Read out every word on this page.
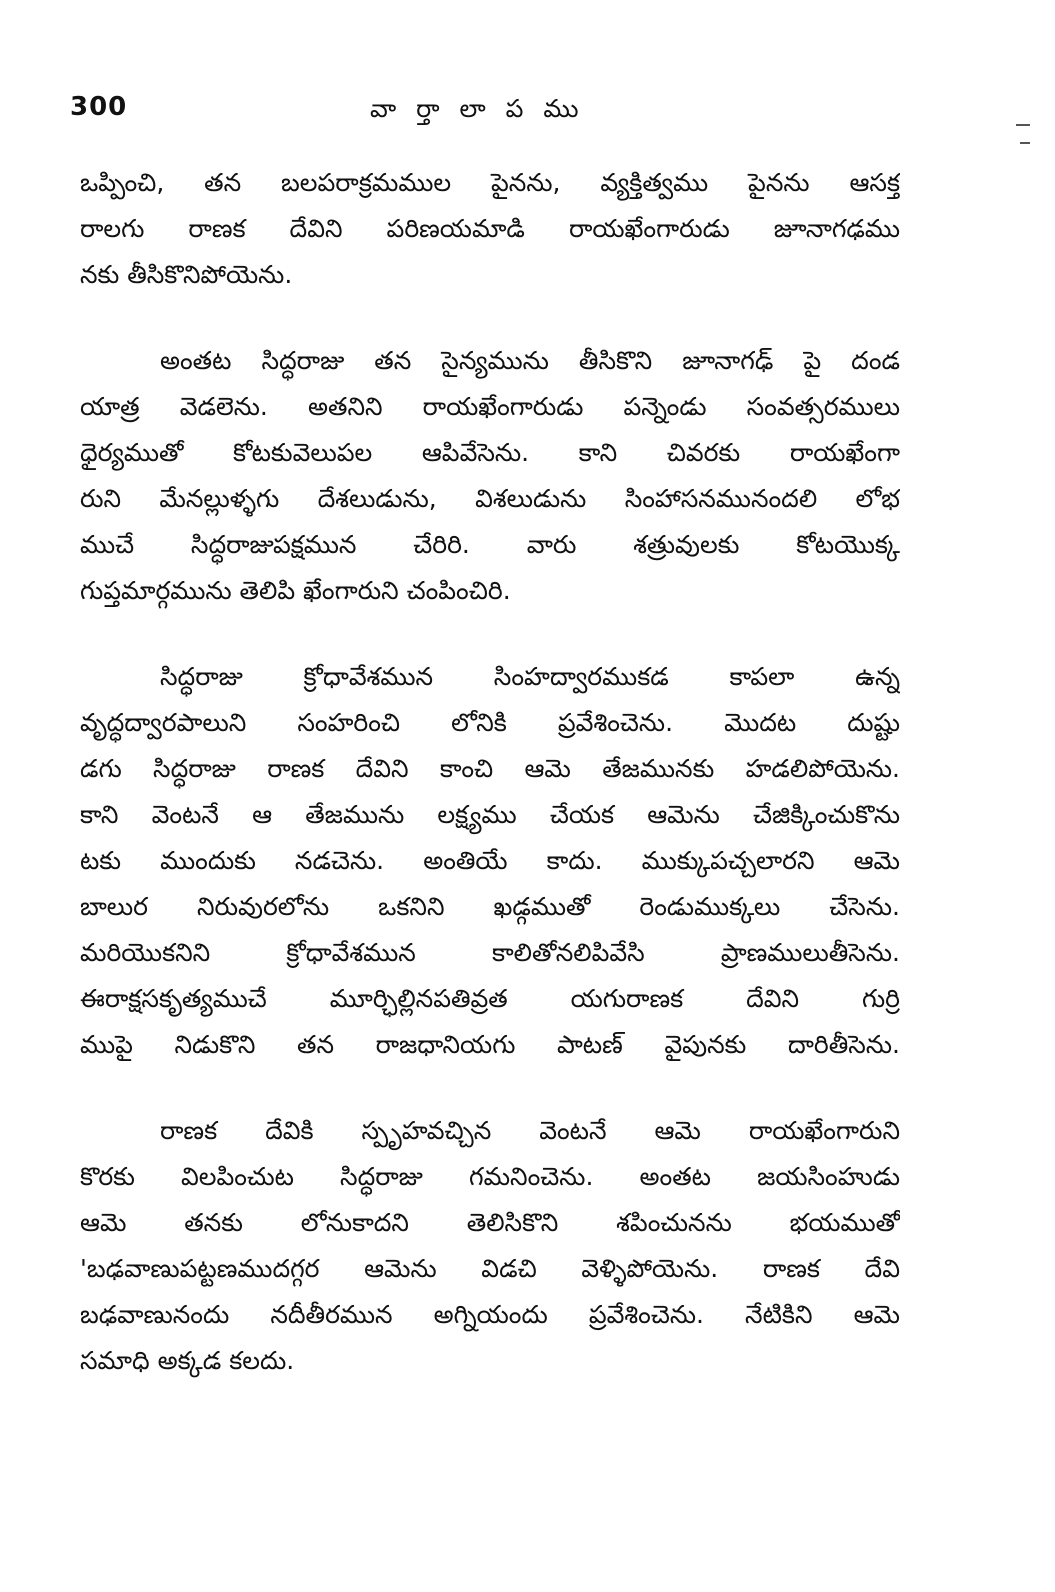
300	వా ర్తా లా ప ము
ఒప్పించి, తన బలపరాక్రమముల పైనను, వ్యక్తిత్వము పైనను ఆసక్త
రాలగు రాణక దేవిని పరిణయమాడి రాయఖేంగారుడు జూనాగఢము
నకు తీసికొనిపోయెను.
అంతట సిద్ధరాజు తన సైన్యమును తీసికొని జూనాగఢ్ పై దండ
యాత్ర వెడలెను. అతనిని రాయఖేంగారుడు పన్నెండు సంవత్సరములు
ధైర్యముతో కోటకువెలుపల ఆపివేసెను. కాని చివరకు రాయఖేంగా
రుని మేనల్లుళ్ళగు దేశలుడును, విశలుడును సింహాసనమునందలి లోభ
ముచే సిద్ధరాజుపక్షమున చేరిరి. వారు శత్రువులకు కోటయొక్క
గుప్తమార్గమును తెలిపి ఖేంగారుని చంపించిరి.
సిద్ధరాజు క్రోధావేశమున సింహద్వారముకడ కాపలా ఉన్న
వృద్ధద్వారపాలుని సంహరించి లోనికి ప్రవేశించెను. మొదట దుష్టు
డగు సిద్ధరాజు రాణక దేవిని కాంచి ఆమె తేజమునకు హడలిపోయెను.
కాని వెంటనే ఆ తేజమును లక్ష్యము చేయక ఆమెను చేజిక్కించుకొను
టకు ముందుకు నడచెను. అంతియే కాదు. ముక్కుపచ్చలారని ఆమె
బాలుర నిరువురలోను ఒకనిని ఖడ్గముతో రెండుముక్కలు చేసెను.
మరియొకనిని క్రోధావేశమున కాలితోనలిపివేసి ప్రాణములుతీసెను.
ఈరాక్షసకృత్యముచే మూర్ఛిల్లినపతివ్రత యగురాణక దేవిని గుర్రి
ముపై నిడుకొని తన రాజధానియగు పాటణ్ వైపునకు దారితీసెను.
రాణక దేవికి స్పృహవచ్చిన వెంటనే ఆమె రాయఖేంగారుని
కొరకు విలపించుట సిద్ధరాజు గమనించెను. అంతట జయసింహుడు
ఆమె తనకు లోనుకాదని తెలిసికొని శపించునను భయముతో
'బఢవాణుపట్టణముదగ్గర ఆమెను విడచి వెళ్ళిపోయెను. రాణక దేవి
బఢవాణునందు నదీతీరమున అగ్నియందు ప్రవేశించెను. నేటికిని ఆమె
సమాధి అక్కడ కలదు.
